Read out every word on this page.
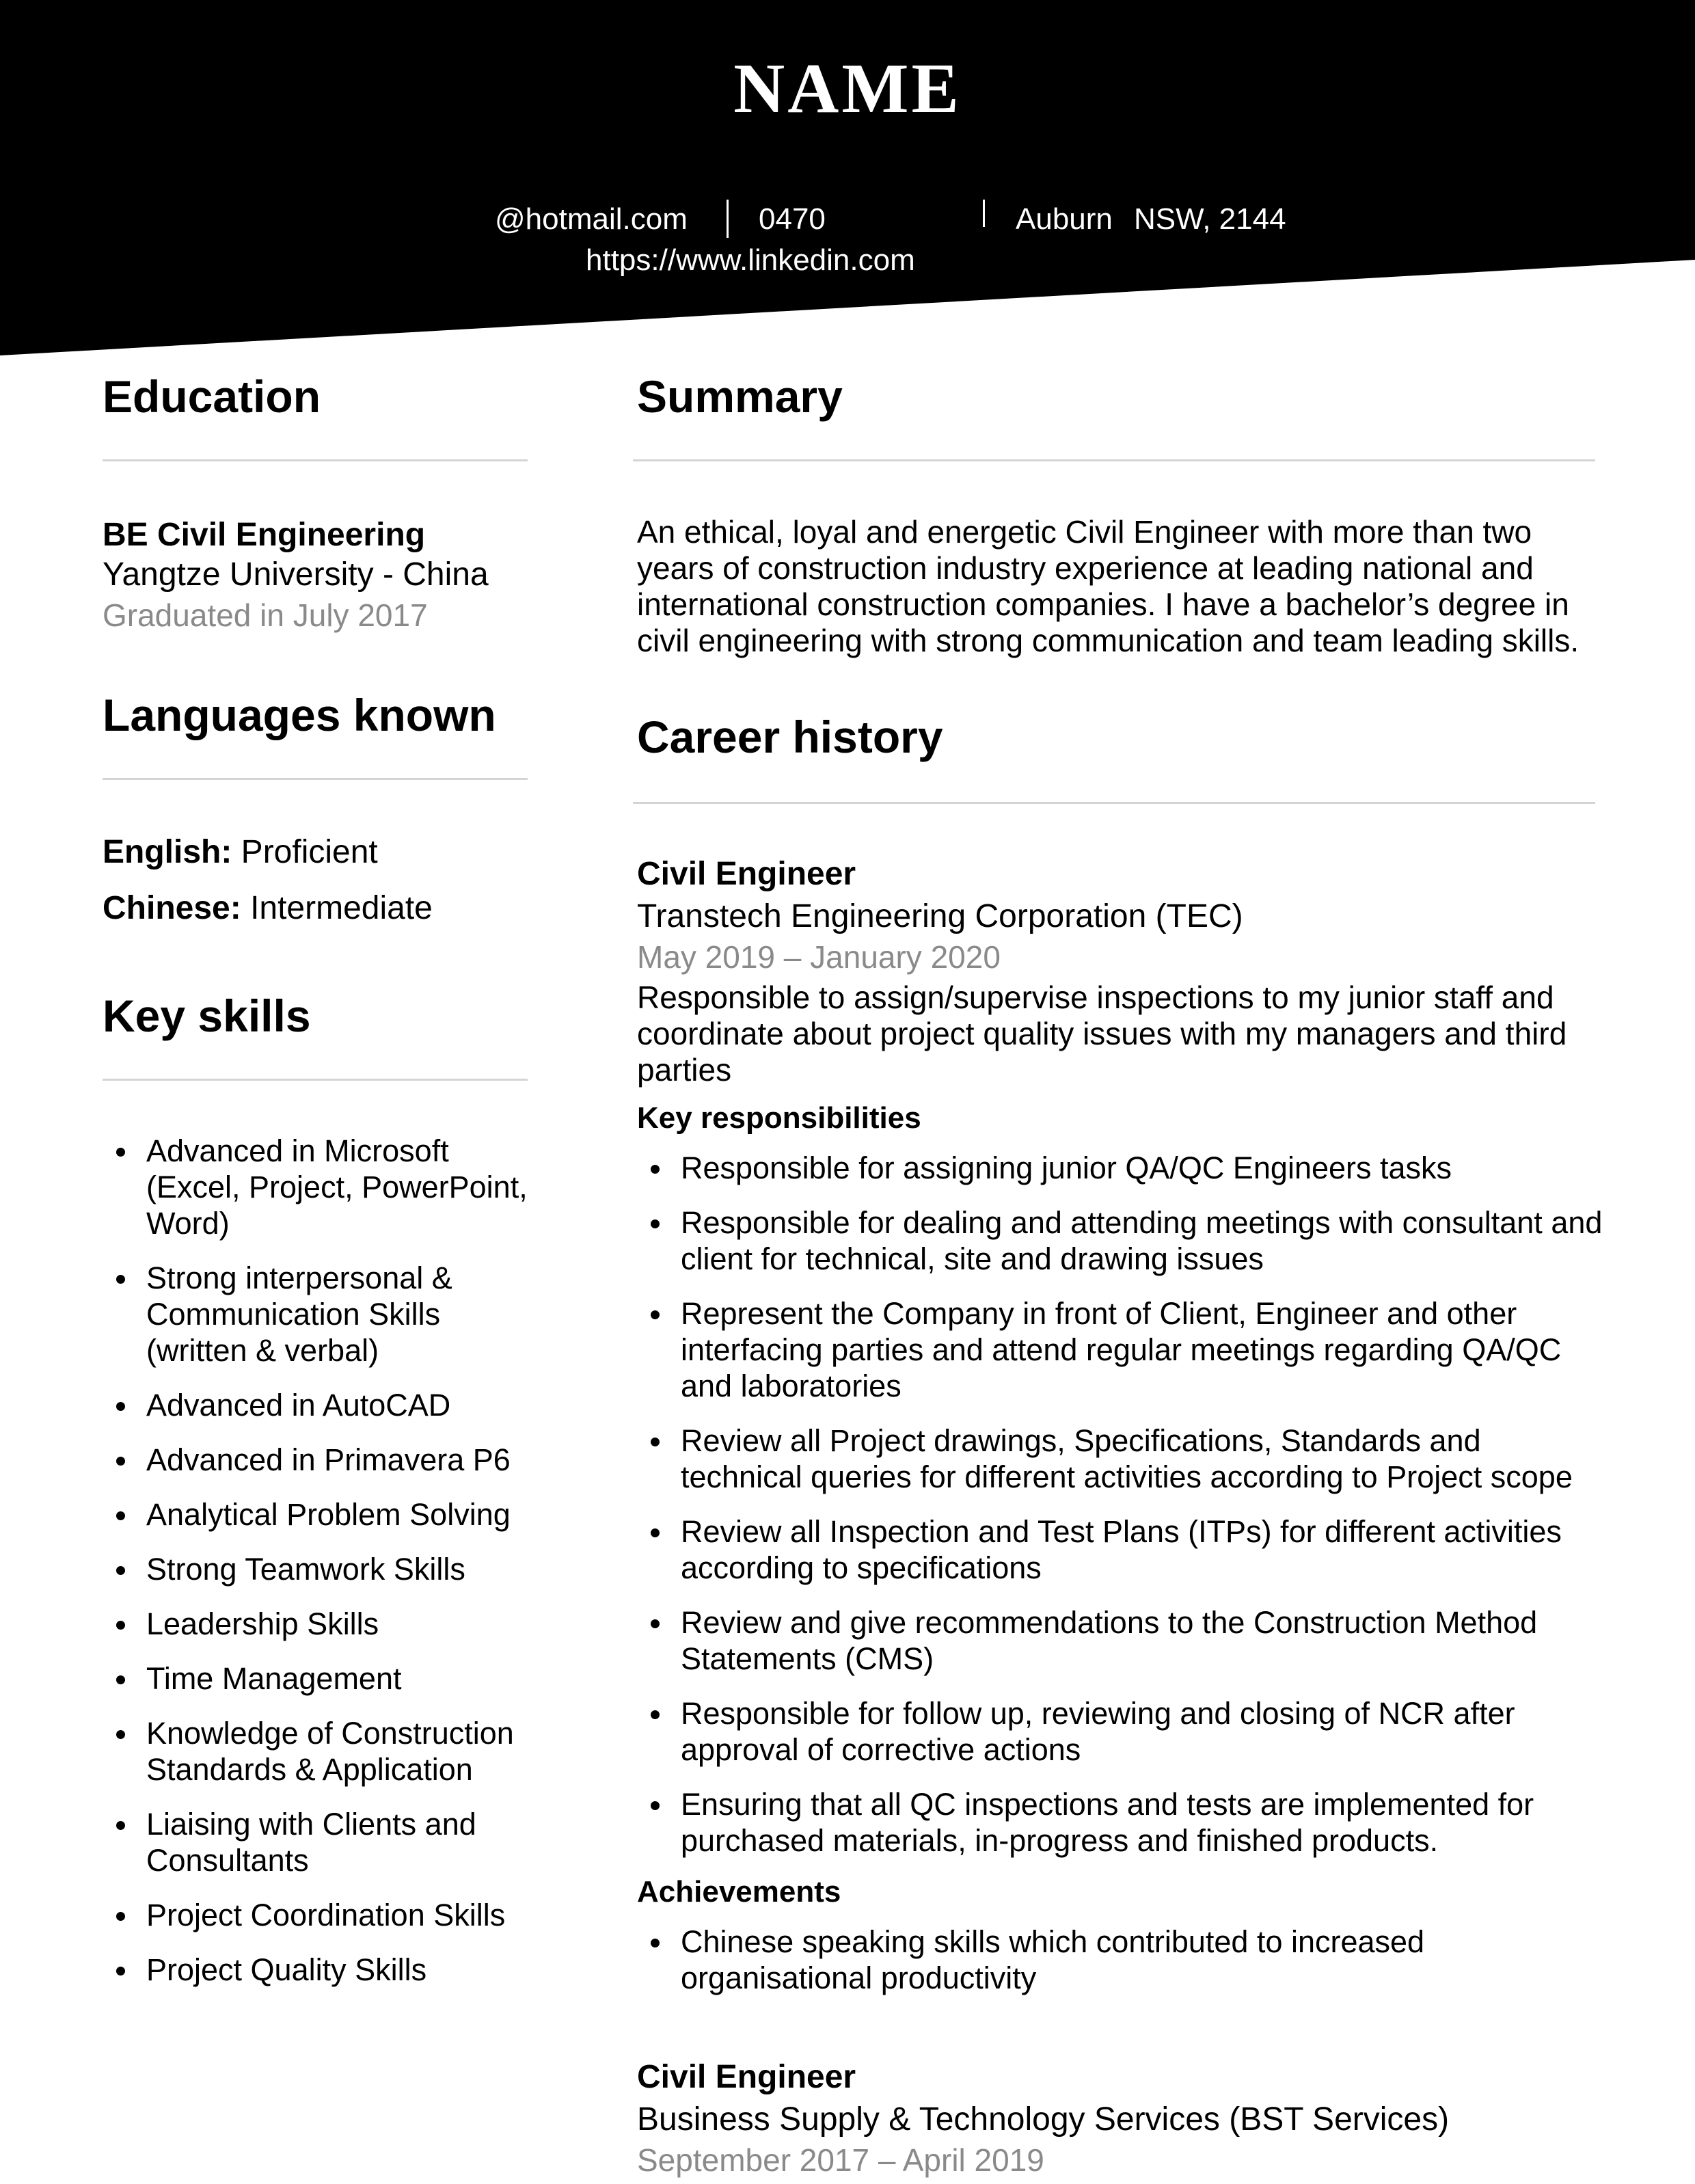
NAME
@hotmail.com 0470	Auburn NSW, 2144
https://www.linkedin.com
Education
BE Civil Engineering
Yangtze University - China
Graduated in July 2017
Languages known
English: Proficient
Chinese: Intermediate
Key skills
Advanced in Microsoft (Excel, Project, PowerPoint, Word)
Strong interpersonal & Communication Skills (written & verbal)
Advanced in AutoCAD
Advanced in Primavera P6
Analytical Problem Solving
Strong Teamwork Skills
Leadership Skills
Time Management
Knowledge of Construction Standards & Application
Liaising with Clients and Consultants
Project Coordination Skills
Project Quality Skills
Summary
An ethical, loyal and energetic Civil Engineer with more than two years of construction industry experience at leading national and international construction companies. I have a bachelor’s degree in civil engineering with strong communication and team leading skills.
Career history
Civil Engineer
Transtech Engineering Corporation (TEC)
May 2019 – January 2020
Responsible to assign/supervise inspections to my junior staff and coordinate about project quality issues with my managers and third parties
Key responsibilities
Responsible for assigning junior QA/QC Engineers tasks
Responsible for dealing and attending meetings with consultant and client for technical, site and drawing issues
Represent the Company in front of Client, Engineer and other interfacing parties and attend regular meetings regarding QA/QC and laboratories
Review all Project drawings, Specifications, Standards and technical queries for different activities according to Project scope
Review all Inspection and Test Plans (ITPs) for different activities according to specifications
Review and give recommendations to the Construction Method Statements (CMS)
Responsible for follow up, reviewing and closing of NCR after approval of corrective actions
Ensuring that all QC inspections and tests are implemented for purchased materials, in-progress and finished products.
Achievements
Chinese speaking skills which contributed to increased organisational productivity
Civil Engineer
Business Supply & Technology Services (BST Services)
September 2017 – April 2019
